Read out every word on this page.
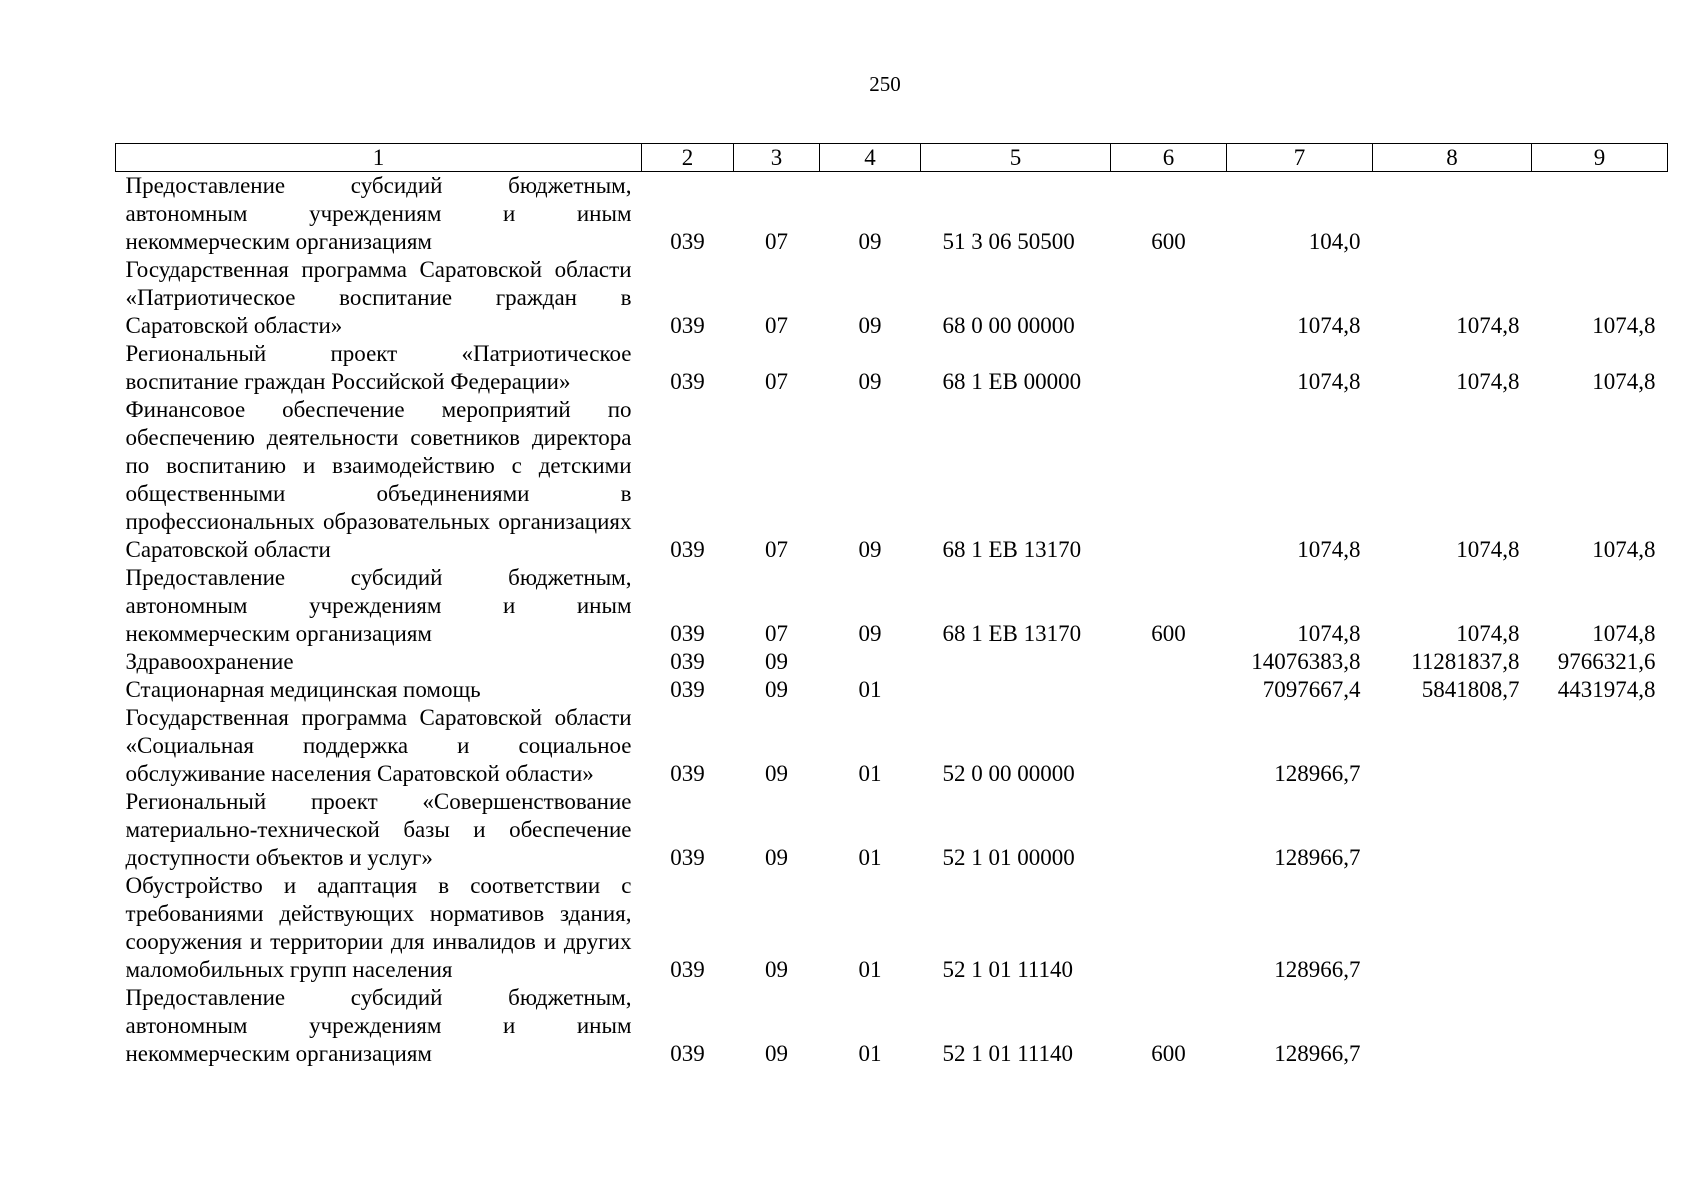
250
1	2	3	4	5	6	7	8	9
Предоставление субсидий бюджетным, автономным учреждениям и иным некоммерческим организациям	039	07	09	51 3 06 50500	600	104,0		
Государственная программа Саратовской области «Патриотическое воспитание граждан в Саратовской области»	039	07	09	68 0 00 00000		1074,8	1074,8	1074,8
Региональный проект «Патриотическое воспитание граждан Российской Федерации»	039	07	09	68 1 ЕВ 00000		1074,8	1074,8	1074,8
Финансовое обеспечение мероприятий по обеспечению деятельности советников директора по воспитанию и взаимодействию с детскими общественными объединениями в профессиональных образовательных организациях Саратовской области	039	07	09	68 1 ЕВ 13170		1074,8	1074,8	1074,8
Предоставление субсидий бюджетным, автономным учреждениям и иным некоммерческим организациям	039	07	09	68 1 ЕВ 13170	600	1074,8	1074,8	1074,8
Здравоохранение	039	09				14076383,8	11281837,8	9766321,6
Стационарная медицинская помощь	039	09	01			7097667,4	5841808,7	4431974,8
Государственная программа Саратовской области «Социальная поддержка и социальное обслуживание населения Саратовской области»	039	09	01	52 0 00 00000		128966,7		
Региональный проект «Совершенствование материально-технической базы и обеспечение доступности объектов и услуг»	039	09	01	52 1 01 00000		128966,7		
Обустройство и адаптация в соответствии с требованиями действующих нормативов здания, сооружения и территории для инвалидов и других маломобильных групп населения	039	09	01	52 1 01 11140		128966,7		
Предоставление субсидий бюджетным, автономным учреждениям и иным некоммерческим организациям	039	09	01	52 1 01 11140	600	128966,7		
